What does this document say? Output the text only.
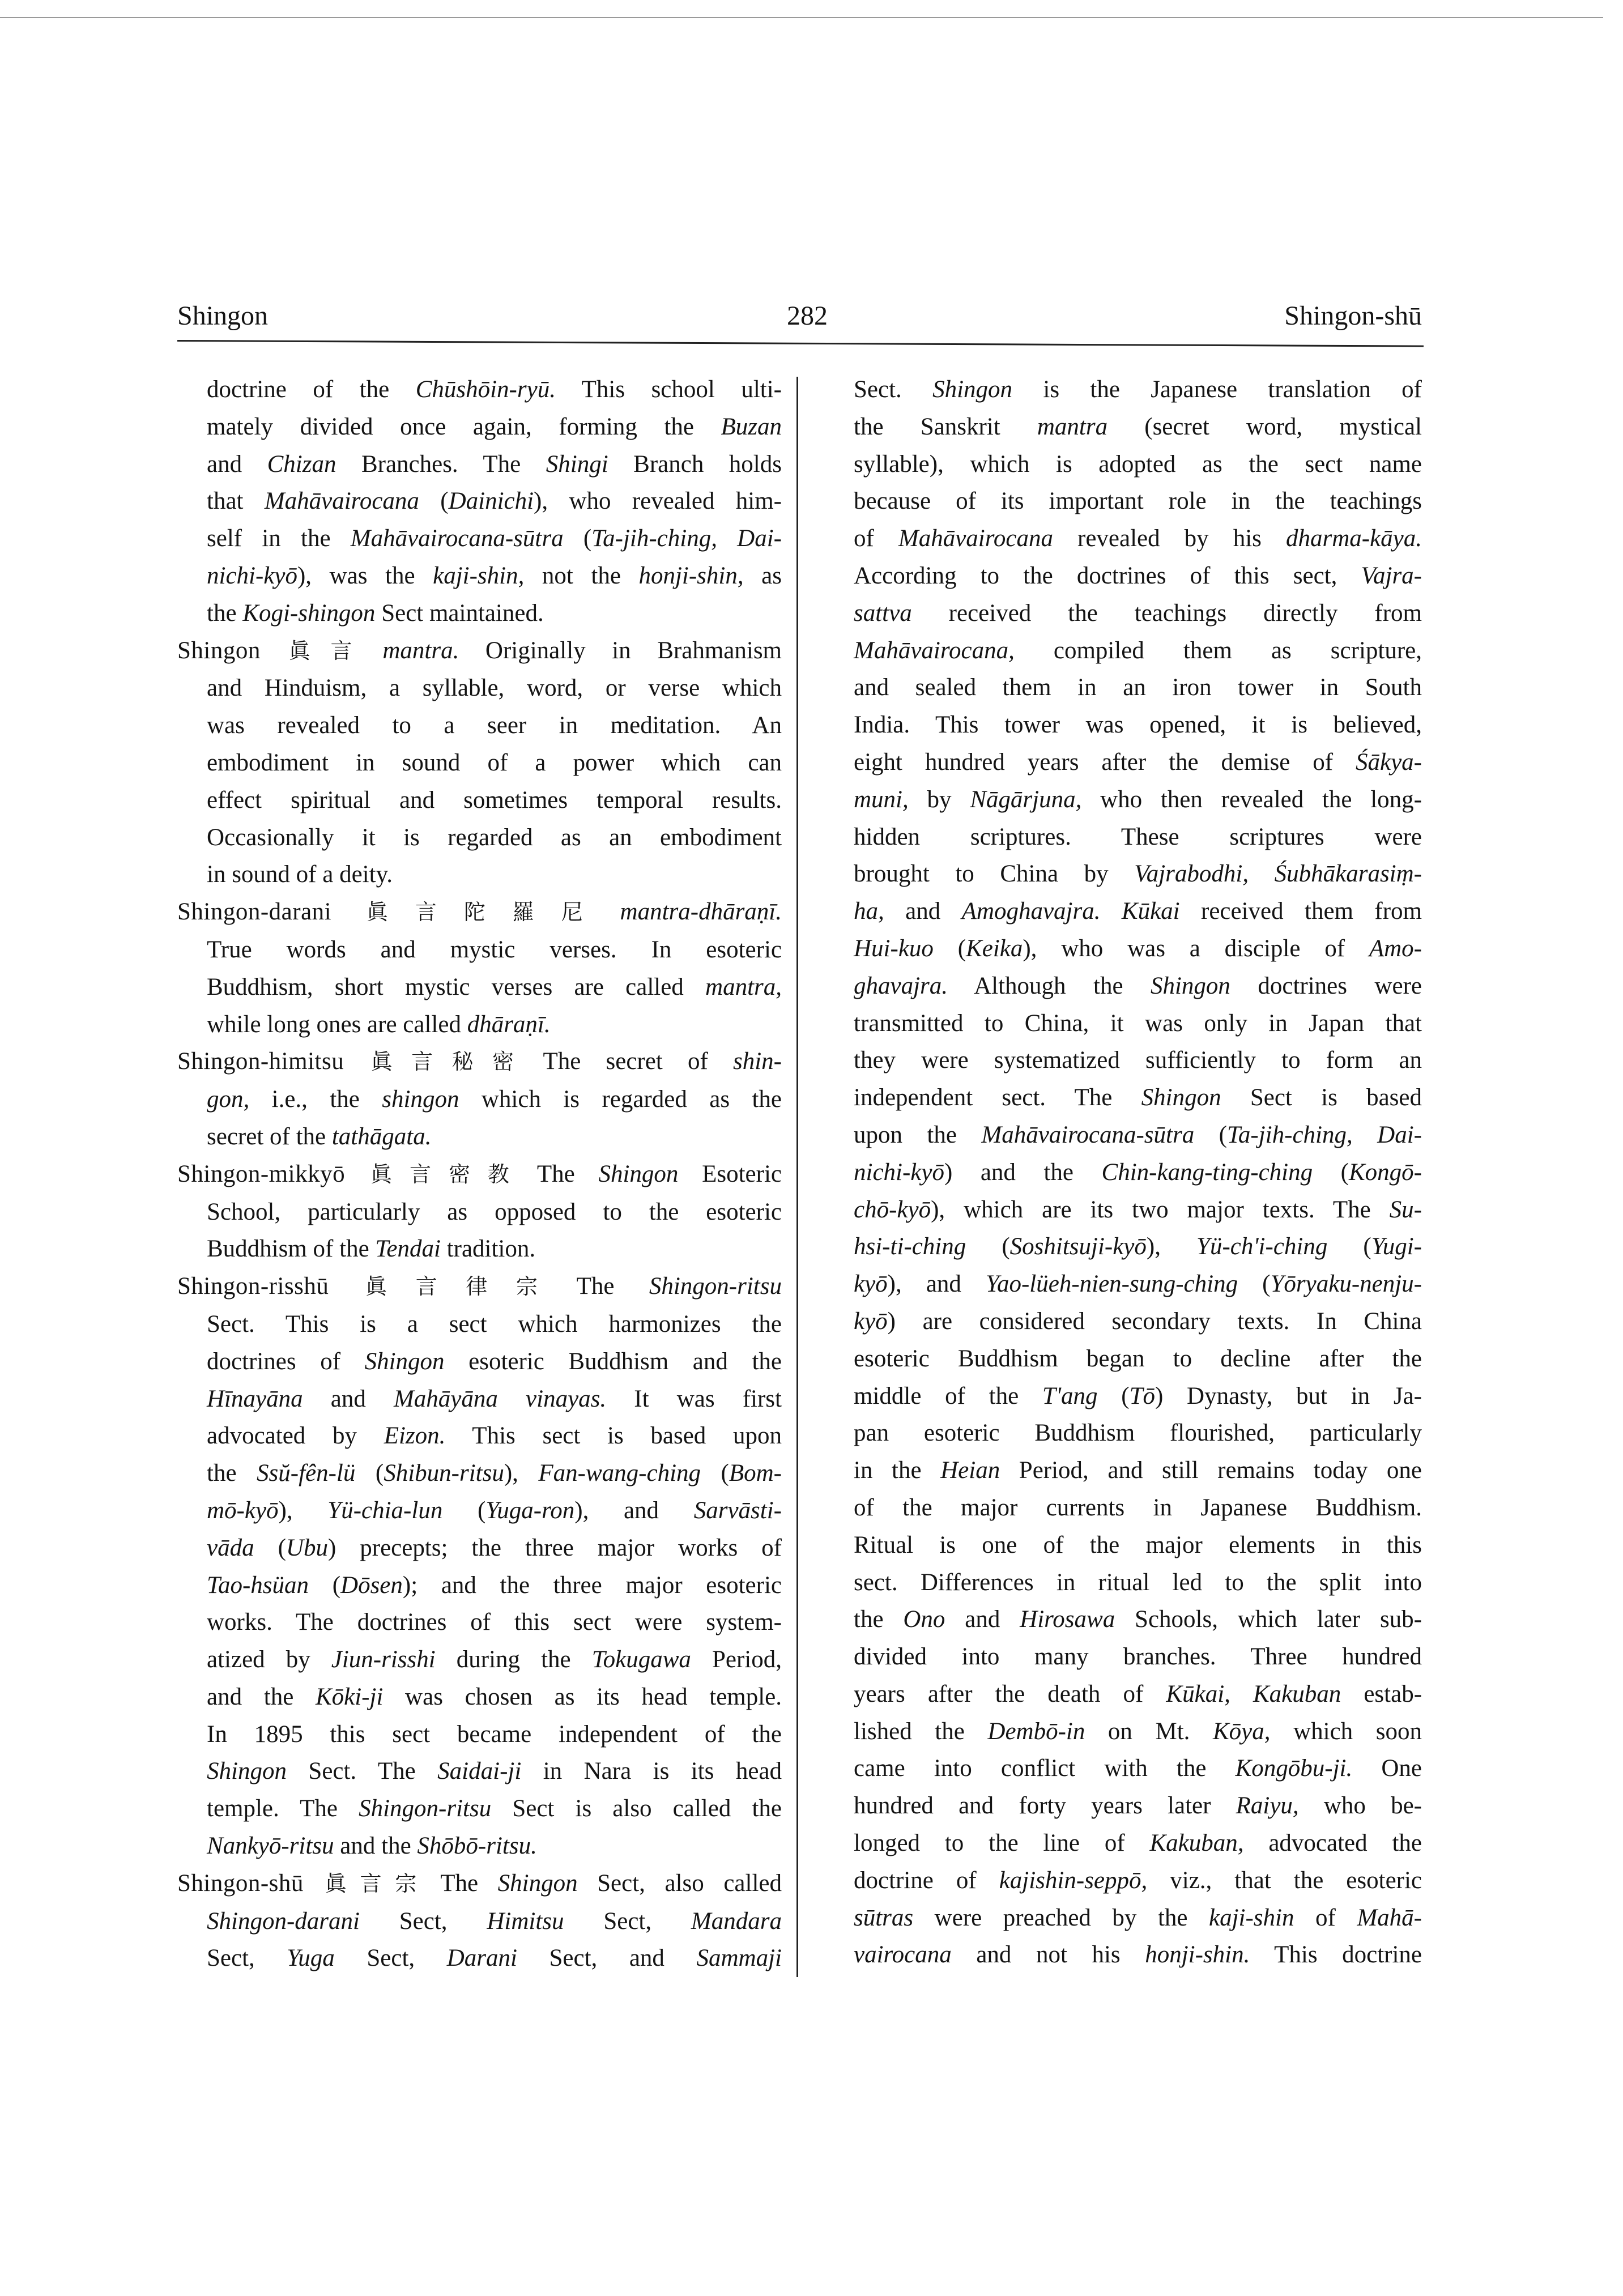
Shingon	282	Shingon-shū
doctrine of the Chūshōin-ryū. This school ulti-
mately divided once again, forming the Buzan
and Chizan Branches. The Shingi Branch holds
that Mahāvairocana (Dainichi), who revealed him-
self in the Mahāvairocana-sūtra (Ta-jih-ching, Dai-
nichi-kyō), was the kaji-shin, not the honji-shin, as
the Kogi-shingon Sect maintained.
Shingon 眞言 mantra. Originally in Brahmanism
and Hinduism, a syllable, word, or verse which
was revealed to a seer in meditation. An
embodiment in sound of a power which can
effect spiritual and sometimes temporal results.
Occasionally it is regarded as an embodiment
in sound of a deity.
Shingon-darani 眞言陀羅尼 mantra-dhāraṇī.
True words and mystic verses. In esoteric
Buddhism, short mystic verses are called mantra,
while long ones are called dhāraṇī.
Shingon-himitsu 眞言秘密 The secret of shin-
gon, i.e., the shingon which is regarded as the
secret of the tathāgata.
Shingon-mikkyō 眞言密教 The Shingon Esoteric
School, particularly as opposed to the esoteric
Buddhism of the Tendai tradition.
Shingon-risshū 眞言律宗 The Shingon-ritsu
Sect. This is a sect which harmonizes the
doctrines of Shingon esoteric Buddhism and the
Hīnayāna and Mahāyāna vinayas. It was first
advocated by Eizon. This sect is based upon
the Ssŭ-fên-lü (Shibun-ritsu), Fan-wang-ching (Bom-
mō-kyō), Yü-chia-lun (Yuga-ron), and Sarvāsti-
vāda (Ubu) precepts; the three major works of
Tao-hsüan (Dōsen); and the three major esoteric
works. The doctrines of this sect were system-
atized by Jiun-risshi during the Tokugawa Period,
and the Kōki-ji was chosen as its head temple.
In 1895 this sect became independent of the
Shingon Sect. The Saidai-ji in Nara is its head
temple. The Shingon-ritsu Sect is also called the
Nankyō-ritsu and the Shōbō-ritsu.
Shingon-shū 眞言宗 The Shingon Sect, also called
Shingon-darani Sect, Himitsu Sect, Mandara
Sect, Yuga Sect, Darani Sect, and Sammaji
Sect. Shingon is the Japanese translation of
the Sanskrit mantra (secret word, mystical
syllable), which is adopted as the sect name
because of its important role in the teachings
of Mahāvairocana revealed by his dharma-kāya.
According to the doctrines of this sect, Vajra-
sattva received the teachings directly from
Mahāvairocana, compiled them as scripture,
and sealed them in an iron tower in South
India. This tower was opened, it is believed,
eight hundred years after the demise of Śākya-
muni, by Nāgārjuna, who then revealed the long-
hidden scriptures. These scriptures were
brought to China by Vajrabodhi, Śubhākarasiṃ-
ha, and Amoghavajra. Kūkai received them from
Hui-kuo (Keika), who was a disciple of Amo-
ghavajra. Although the Shingon doctrines were
transmitted to China, it was only in Japan that
they were systematized sufficiently to form an
independent sect. The Shingon Sect is based
upon the Mahāvairocana-sūtra (Ta-jih-ching, Dai-
nichi-kyō) and the Chin-kang-ting-ching (Kongō-
chō-kyō), which are its two major texts. The Su-
hsi-ti-ching (Soshitsuji-kyō), Yü-ch'i-ching (Yugi-
kyō), and Yao-lüeh-nien-sung-ching (Yōryaku-nenju-
kyō) are considered secondary texts. In China
esoteric Buddhism began to decline after the
middle of the T'ang (Tō) Dynasty, but in Ja-
pan esoteric Buddhism flourished, particularly
in the Heian Period, and still remains today one
of the major currents in Japanese Buddhism.
Ritual is one of the major elements in this
sect. Differences in ritual led to the split into
the Ono and Hirosawa Schools, which later sub-
divided into many branches. Three hundred
years after the death of Kūkai, Kakuban estab-
lished the Dembō-in on Mt. Kōya, which soon
came into conflict with the Kongōbu-ji. One
hundred and forty years later Raiyu, who be-
longed to the line of Kakuban, advocated the
doctrine of kajishin-seppō, viz., that the esoteric
sūtras were preached by the kaji-shin of Mahā-
vairocana and not his honji-shin. This doctrine
